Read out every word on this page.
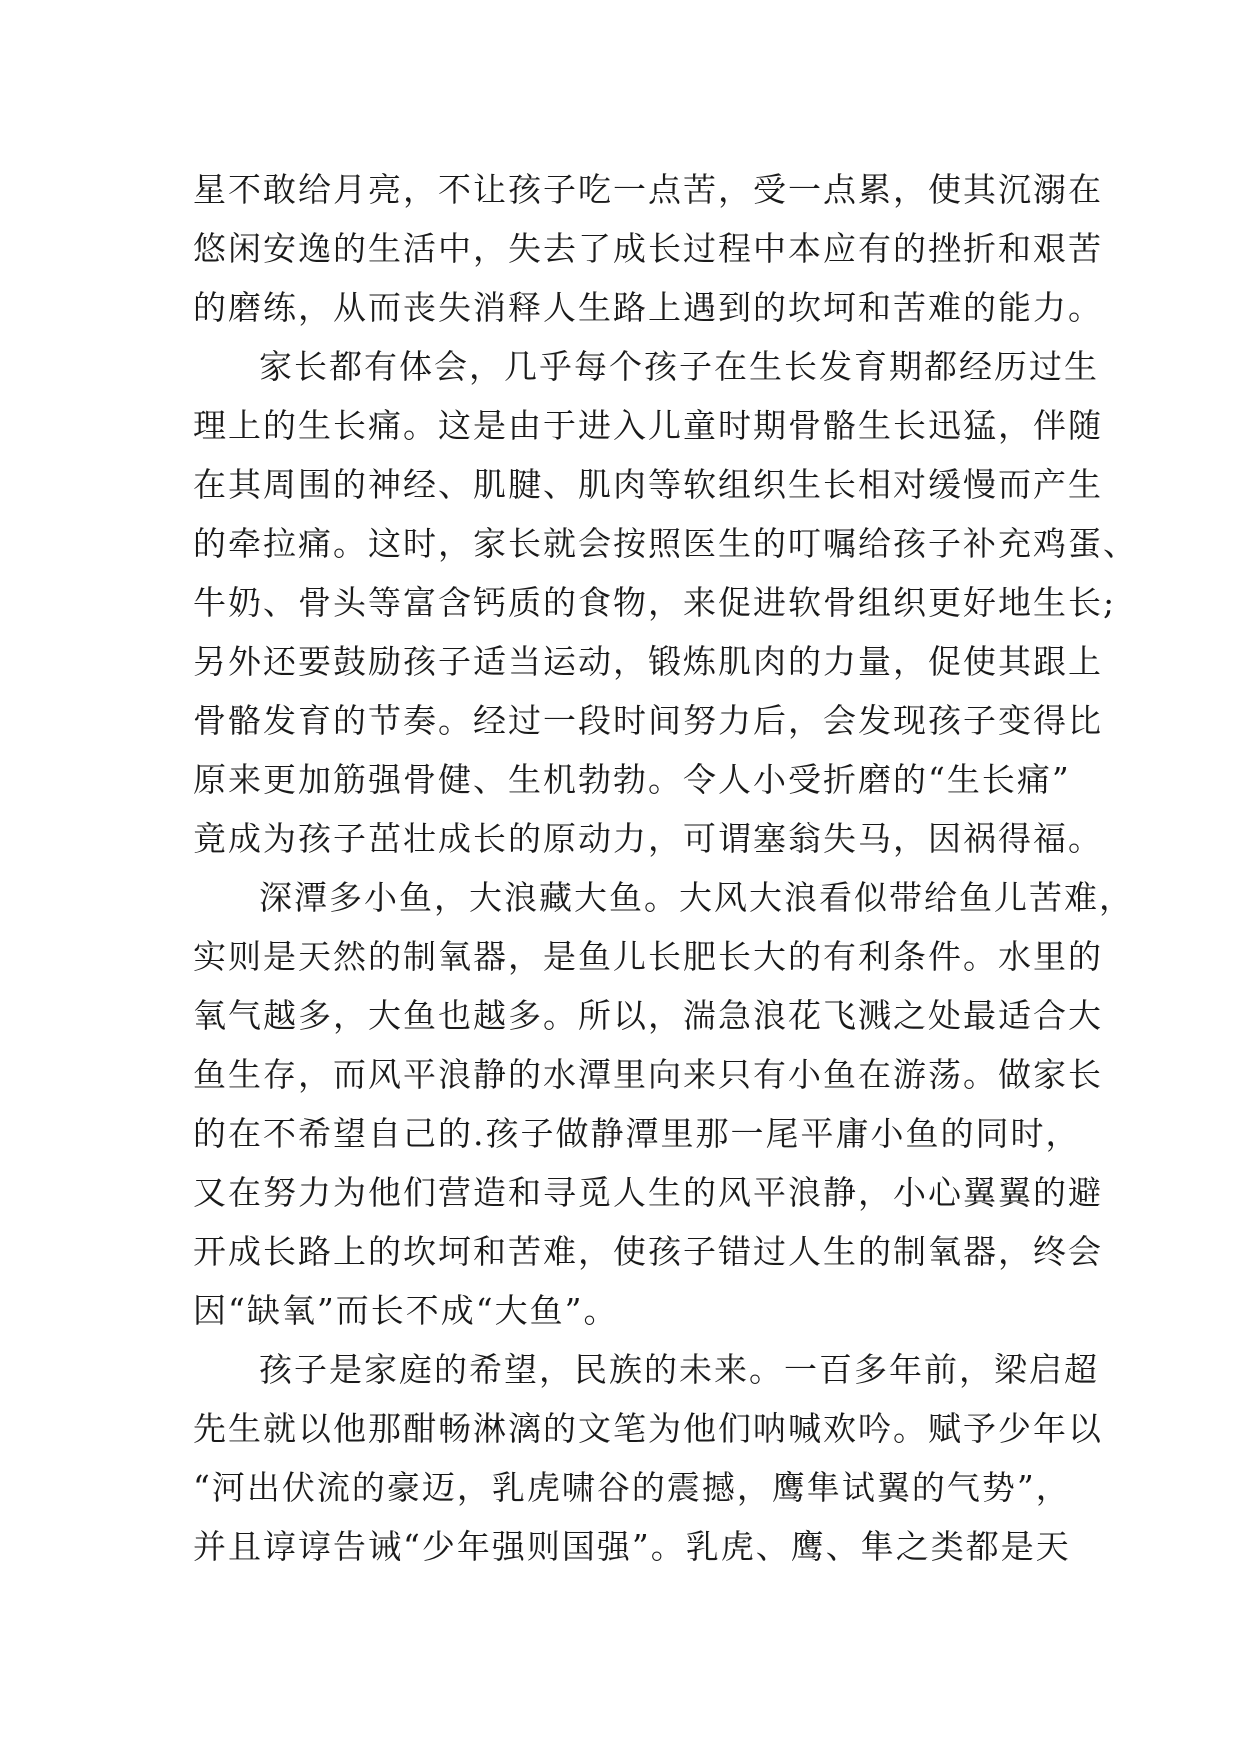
星不敢给月亮，不让孩子吃一点苦，受一点累，使其沉溺在
悠闲安逸的生活中，失去了成长过程中本应有的挫折和艰苦
的磨练，从而丧失消释人生路上遇到的坎坷和苦难的能力。
家长都有体会，几乎每个孩子在生长发育期都经历过生
理上的生长痛。这是由于进入儿童时期骨骼生长迅猛，伴随
在其周围的神经、肌腱、肌肉等软组织生长相对缓慢而产生
的牵拉痛。这时，家长就会按照医生的叮嘱给孩子补充鸡蛋、
牛奶、骨头等富含钙质的食物，来促进软骨组织更好地生长;
另外还要鼓励孩子适当运动，锻炼肌肉的力量，促使其跟上
骨骼发育的节奏。经过一段时间努力后，会发现孩子变得比
原来更加筋强骨健、生机勃勃。令人小受折磨的“生长痛”
竟成为孩子茁壮成长的原动力，可谓塞翁失马，因祸得福。
深潭多小鱼，大浪藏大鱼。大风大浪看似带给鱼儿苦难，
实则是天然的制氧器，是鱼儿长肥长大的有利条件。水里的
氧气越多，大鱼也越多。所以，湍急浪花飞溅之处最适合大
鱼生存，而风平浪静的水潭里向来只有小鱼在游荡。做家长
的在不希望自己的.孩子做静潭里那一尾平庸小鱼的同时，
又在努力为他们营造和寻觅人生的风平浪静，小心翼翼的避
开成长路上的坎坷和苦难，使孩子错过人生的制氧器，终会
因“缺氧”而长不成“大鱼”。
孩子是家庭的希望，民族的未来。一百多年前，梁启超
先生就以他那酣畅淋漓的文笔为他们呐喊欢吟。赋予少年以
“河出伏流的豪迈，乳虎啸谷的震撼，鹰隼试翼的气势”，
并且谆谆告诫“少年强则国强”。乳虎、鹰、隼之类都是天
